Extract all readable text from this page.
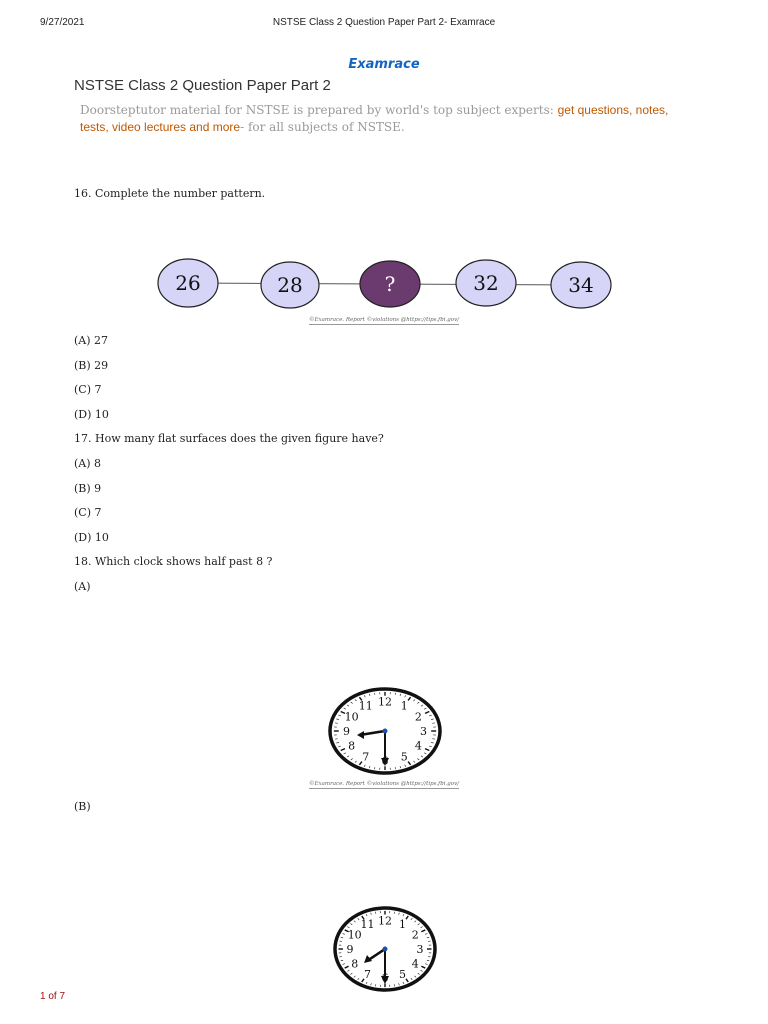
9/27/2021	NSTSE Class 2 Question Paper Part 2- Examrace
Examrace
NSTSE Class 2 Question Paper Part 2
Doorsteptutor material for NSTSE is prepared by world's top subject experts: get questions, notes, tests, video lectures and more- for all subjects of NSTSE.
16. Complete the number pattern.
26	28	?	32	34
©Examrace. Report ©violations @https://tips.fbi.gov/
(A) 27
(B) 29
(C) 7
(D) 10
17. How many flat surfaces does the given figure have?
(A) 8
(B) 9
(C) 7
(D) 10
18. Which clock shows half past 8 ?
(A)
12 1
2
3
4
5
7
8
9
10
11
©Examrace. Report ©violations @https://tips.fbi.gov/
(B)
12 1
2
3
4
5
7
8
9
10
11
1 of 7
